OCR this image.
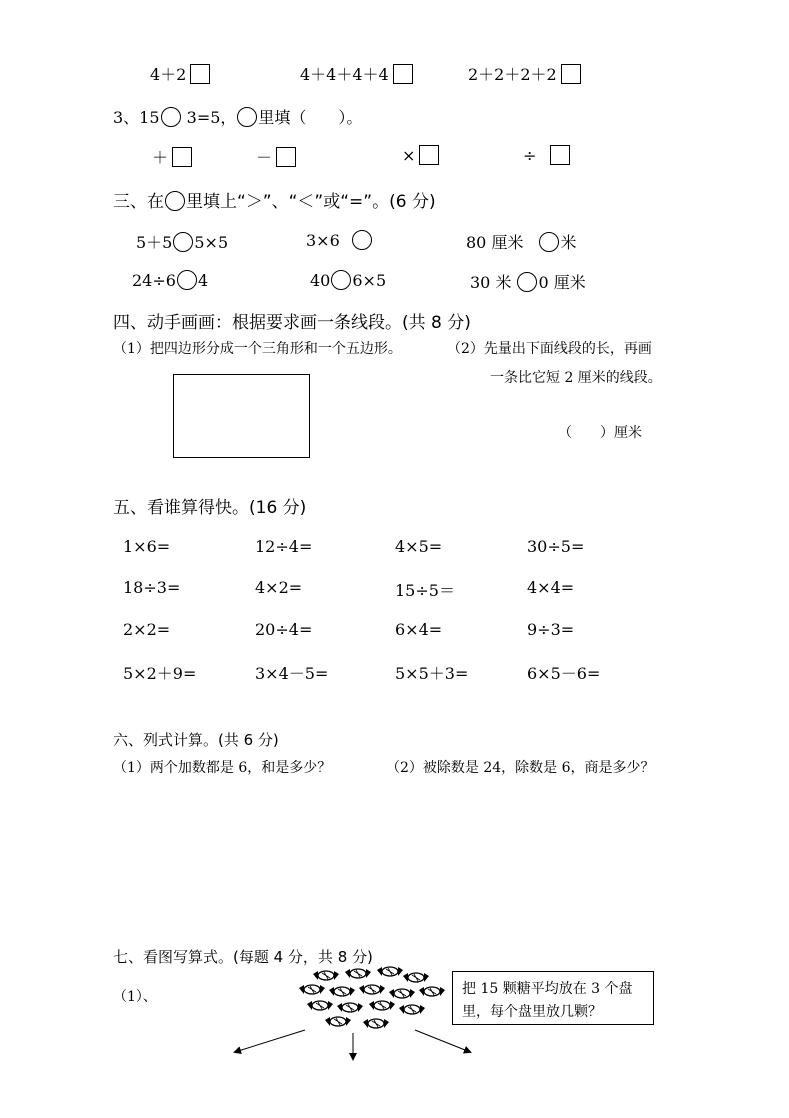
4＋2	4＋4＋4＋4	2＋2＋2＋2
3、15 3=5， 里填（　　）。
＋	－	×	÷
三、在 里填上“＞”、“＜”或“=”。(6 分)
5＋5 5×5	3×6	80 厘米 米
24÷6 4	40 6×5	30 米 0 厘米
四、动手画画：根据要求画一条线段。(共 8 分)
（1）把四边形分成一个三角形和一个五边形。	（2）先量出下面线段的长，再画
一条比它短 2 厘米的线段。
（　　）厘米
五、看谁算得快。(16 分)
1×6=	12÷4=	4×5=	30÷5=
18÷3=	4×2=	15÷5＝	4×4=
2×2=	20÷4=	6×4=	9÷3=
5×2＋9=	3×4－5=	5×5＋3=	6×5－6=
六、列式计算。(共 6 分)
（1）两个加数都是 6，和是多少？	（2）被除数是 24，除数是 6，商是多少？
七、看图写算式。(每题 4 分，共 8 分)
（1）、	把 15 颗糖平均放在 3 个盘
里，每个盘里放几颗？
